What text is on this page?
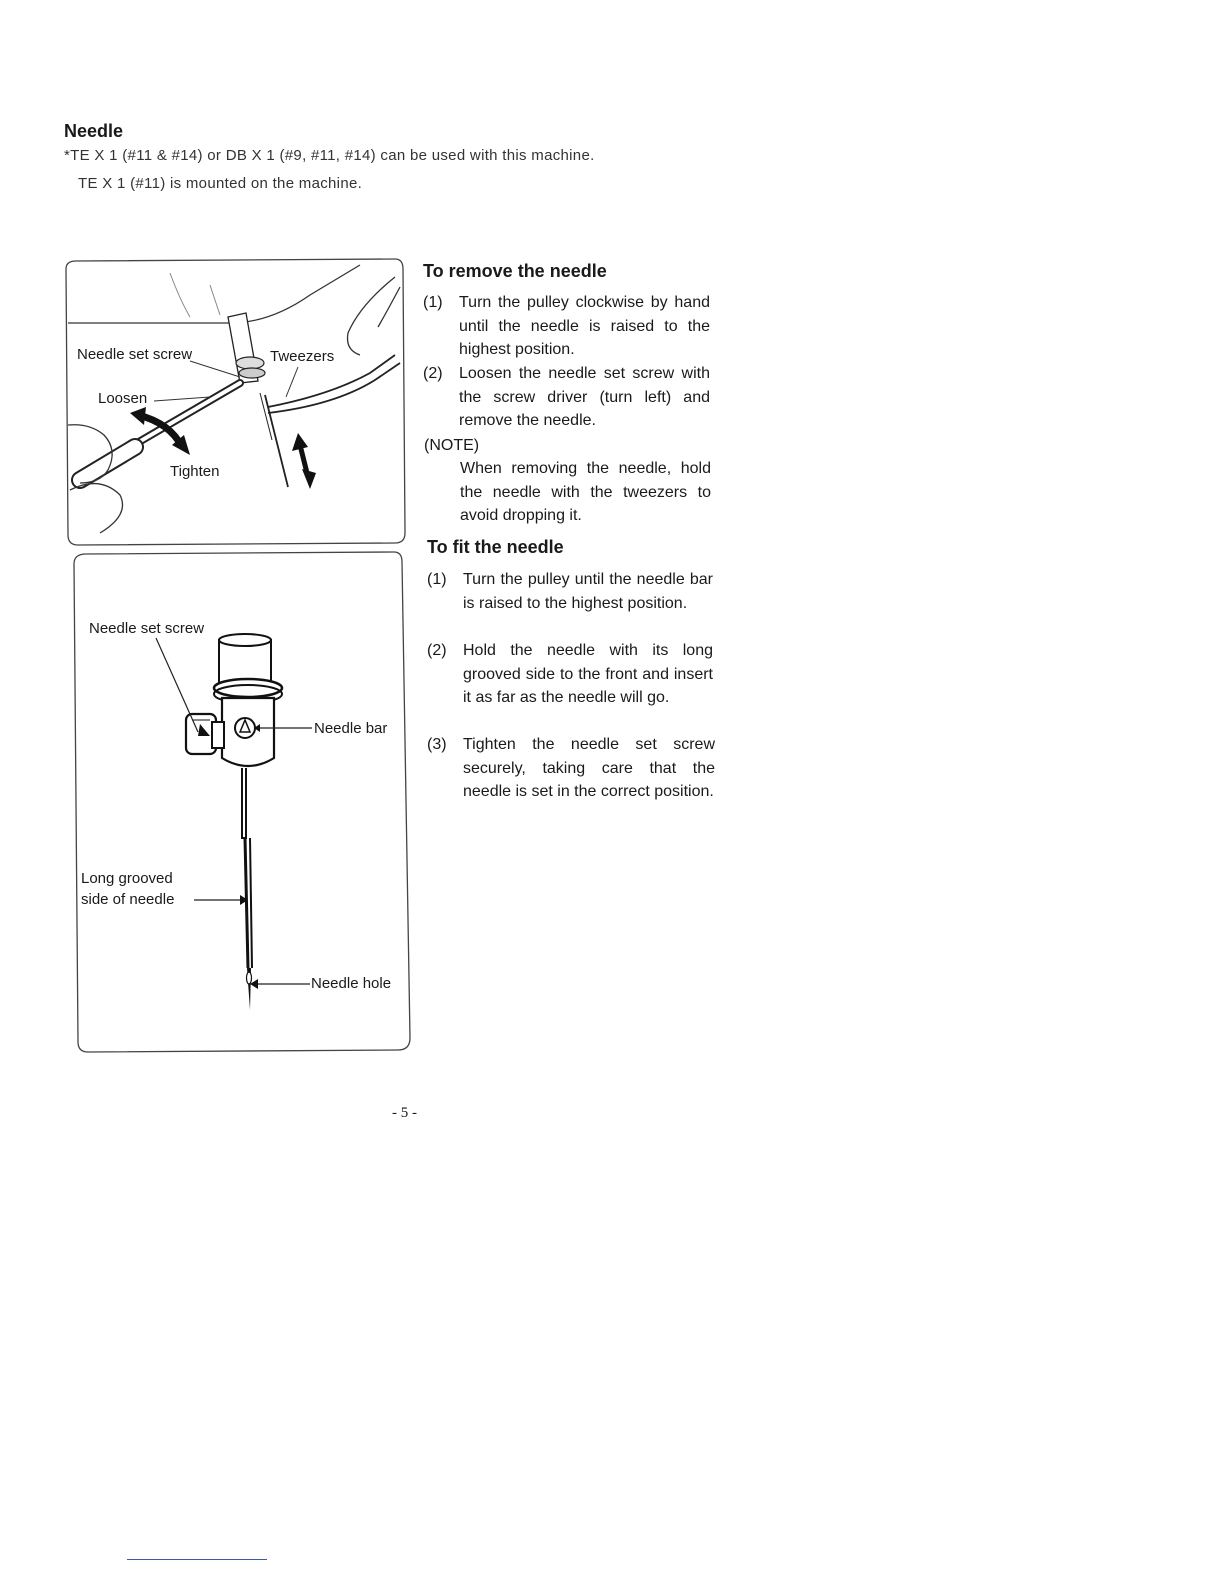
Needle
*TE X 1 (#11 & #14) or DB X 1 (#9, #11, #14) can be used with this machine.
TE X 1 (#11) is mounted on the machine.
Needle set screw	Tweezers
Loosen
Tighten
Needle set screw
Needle bar
Long grooved
side of needle
Needle hole
To remove the needle
(1) Turn the pulley clockwise by hand until the needle is raised to the highest position.
(2) Loosen the needle set screw with the screw driver (turn left) and remove the needle.
(NOTE)
When removing the needle, hold the needle with the tweezers to avoid dropping it.
To fit the needle
(1) Turn the pulley until the needle bar is raised to the highest position.
(2) Hold the needle with its long grooved side to the front and insert it as far as the needle will go.
(3) Tighten the needle set screw securely, taking care that the needle is set in the correct position.
- 5 -
